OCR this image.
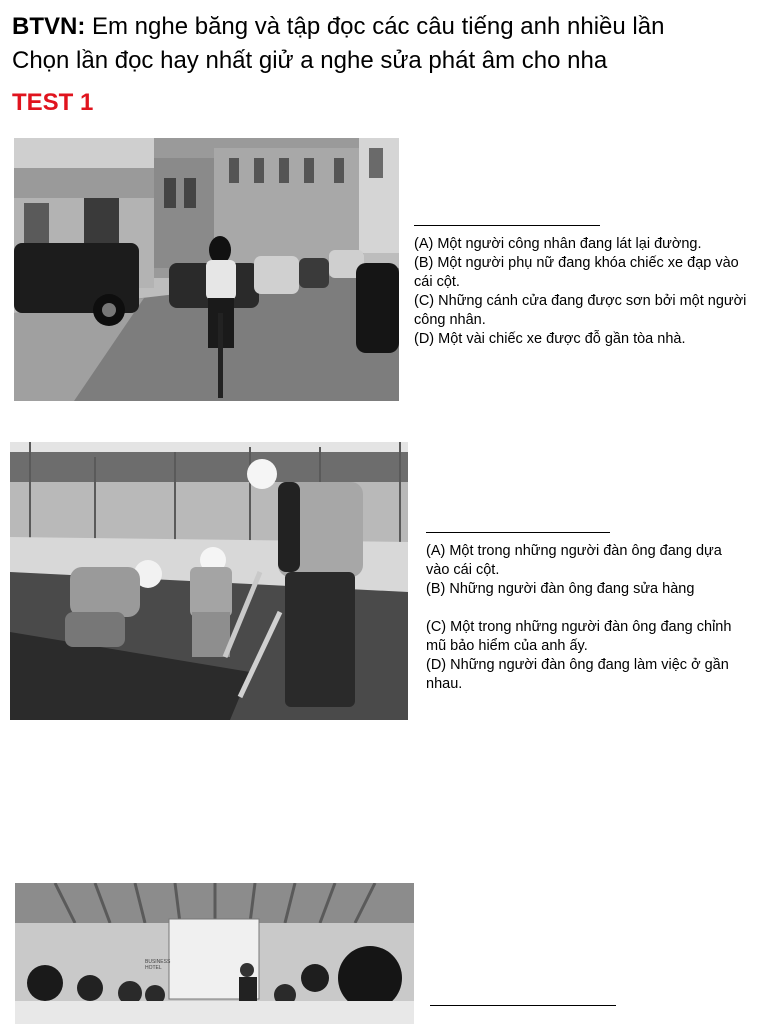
BTVN: Em nghe băng và tập đọc các câu tiếng anh nhiều lần
Chọn lần đọc hay nhất giử a nghe sửa phát âm cho nha
TEST 1

(A) Một người công nhân đang lát lại đường.

(B) Một người phụ nữ đang khóa chiếc xe đạp vào cái cột.

(C) Những cánh cửa đang được sơn bởi một người công nhân.

(D) Một vài chiếc xe được đỗ gần tòa nhà.

(A) Một trong những người đàn ông đang dựa vào cái cột.

(B) Những người đàn ông đang sửa hàng

(C) Một trong những người đàn ông đang chỉnh mũ bảo hiểm của anh ấy.

(D) Những người đàn ông đang làm việc ở gần nhau.

BUSINESS HOTEL
